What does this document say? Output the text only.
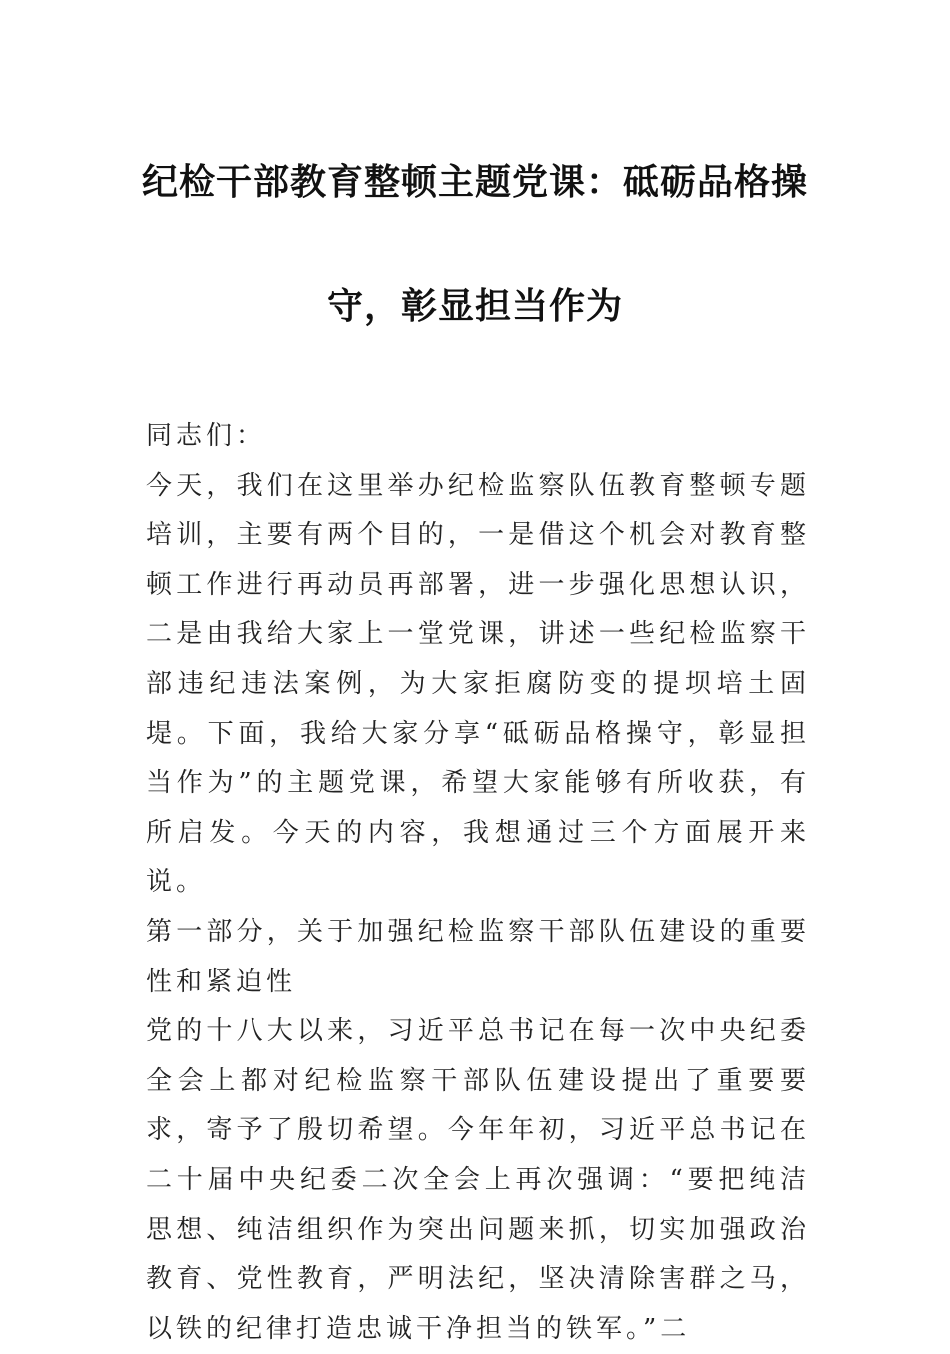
纪检干部教育整顿主题党课：砥砺品格操
守，彰显担当作为

同志们：

今天，我们在这里举办纪检监察队伍教育整顿专题培训，主要有两个目的，一是借这个机会对教育整顿工作进行再动员再部署，进一步强化思想认识，二是由我给大家上一堂党课，讲述一些纪检监察干部违纪违法案例，为大家拒腐防变的提坝培土固堤。下面，我给大家分享“砥砺品格操守，彰显担当作为”的主题党课，希望大家能够有所收获，有所启发。今天的内容，我想通过三个方面展开来说。

第一部分，关于加强纪检监察干部队伍建设的重要性和紧迫性

党的十八大以来，习近平总书记在每一次中央纪委全会上都对纪检监察干部队伍建设提出了重要要求，寄予了殷切希望。今年年初，习近平总书记在二十届中央纪委二次全会上再次强调：“要把纯洁思想、纯洁组织作为突出问题来抓，切实加强政治教育、党性教育，严明法纪，坚决清除害群之马，以铁的纪律打造忠诚干净担当的铁军。”二
